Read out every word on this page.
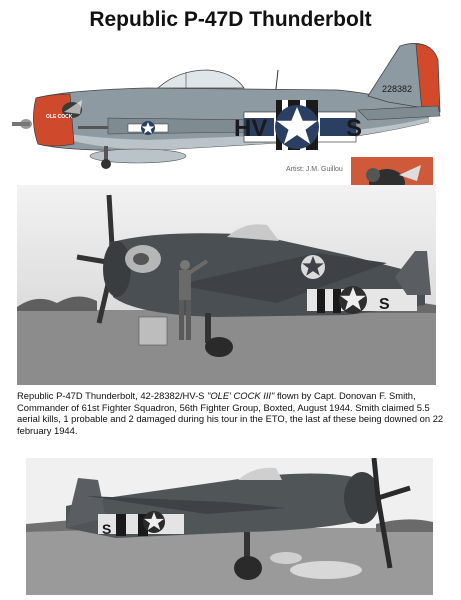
Republic P-47D Thunderbolt
HV	S
228382
OLE COCK
Artist: J.M. Guillou
S

Republic P-47D Thunderbolt, 42-28382/HV-S "OLE' COCK III" flown by Capt. Donovan F. Smith, Commander of 61st Fighter Squadron, 56th Fighter Group, Boxted, August 1944. Smith claimed 5.5 aerial kills, 1 probable and 2 damaged during his tour in the ETO, the last af these being downed on 22 february 1944.

S
